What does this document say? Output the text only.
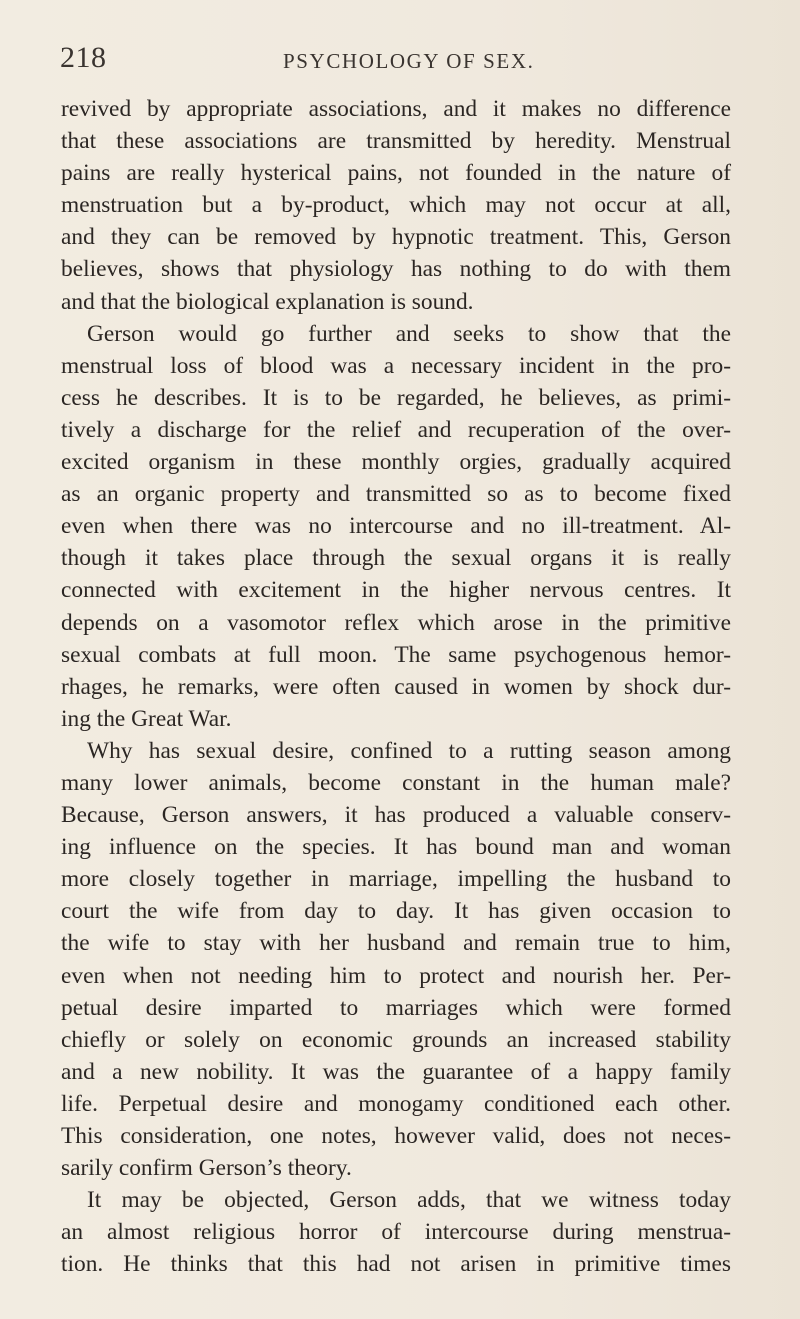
218	PSYCHOLOGY OF SEX.
revived by appropriate associations, and it makes no difference
that these associations are transmitted by heredity. Menstrual
pains are really hysterical pains, not founded in the nature of
menstruation but a by-product, which may not occur at all,
and they can be removed by hypnotic treatment. This, Gerson
believes, shows that physiology has nothing to do with them
and that the biological explanation is sound.
Gerson would go further and seeks to show that the
menstrual loss of blood was a necessary incident in the pro-
cess he describes. It is to be regarded, he believes, as primi-
tively a discharge for the relief and recuperation of the over-
excited organism in these monthly orgies, gradually acquired
as an organic property and transmitted so as to become fixed
even when there was no intercourse and no ill-treatment. Al-
though it takes place through the sexual organs it is really
connected with excitement in the higher nervous centres. It
depends on a vasomotor reflex which arose in the primitive
sexual combats at full moon. The same psychogenous hemor-
rhages, he remarks, were often caused in women by shock dur-
ing the Great War.
Why has sexual desire, confined to a rutting season among
many lower animals, become constant in the human male?
Because, Gerson answers, it has produced a valuable conserv-
ing influence on the species. It has bound man and woman
more closely together in marriage, impelling the husband to
court the wife from day to day. It has given occasion to
the wife to stay with her husband and remain true to him,
even when not needing him to protect and nourish her. Per-
petual desire imparted to marriages which were formed
chiefly or solely on economic grounds an increased stability
and a new nobility. It was the guarantee of a happy family
life. Perpetual desire and monogamy conditioned each other.
This consideration, one notes, however valid, does not neces-
sarily confirm Gerson’s theory.
It may be objected, Gerson adds, that we witness today
an almost religious horror of intercourse during menstrua-
tion. He thinks that this had not arisen in primitive times
